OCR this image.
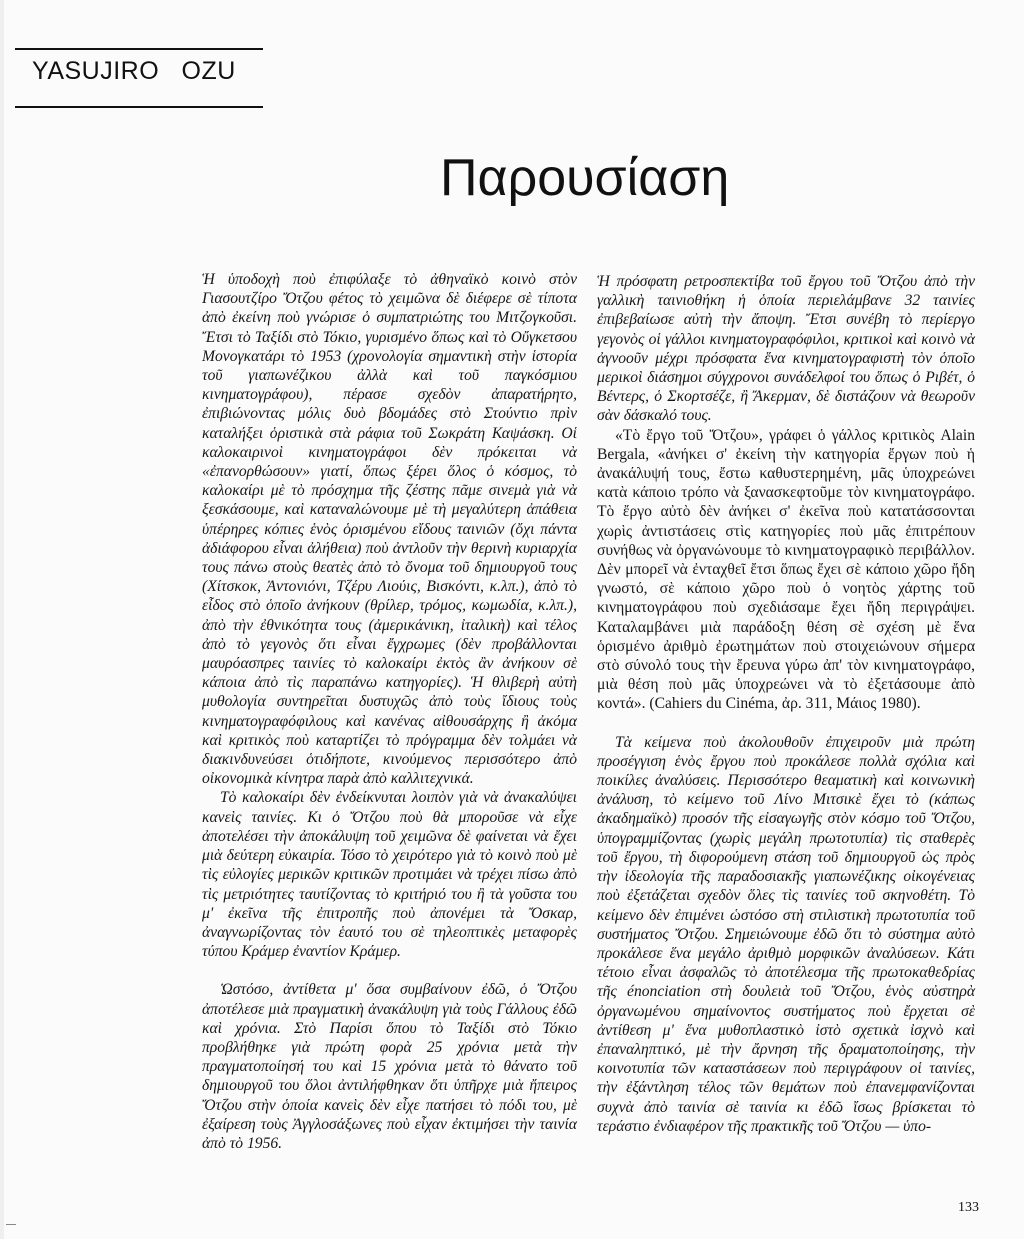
YASUJIRO   OZU
Παρουσίαση

Ἡ ὑποδοχὴ ποὺ ἐπιφύλαξε τὸ ἀθηναϊκὸ κοινὸ στὸν Γιασουτζίρο Ὄτζου φέτος τὸ χειμῶνα δὲ διέφερε σὲ τίποτα ἀπὸ ἐκείνη ποὺ γνώρισε ὁ συμπατριώτης του Μιτζογκοῦσι. Ἔτσι τὸ Ταξίδι στὸ Τόκιο, γυρισμένο ὅπως καὶ τὸ Οὔγκετσου Μονογκατάρι τὸ 1953 (χρονολογία σημαντικὴ στὴν ἱστορία τοῦ γιαπωνέζικου ἀλλὰ καὶ τοῦ παγκόσμιου κινηματογράφου), πέρασε σχεδὸν ἀπαρατήρητο, ἐπιβιώνοντας μόλις δυὸ βδομάδες στὸ Στούντιο πρὶν καταλήξει ὁριστικὰ στὰ ράφια τοῦ Σωκράτη Καψάσκη. Οἱ καλοκαιρινοὶ κινηματογράφοι δὲν πρόκειται νὰ «ἐπανορθώσουν» γιατί, ὅπως ξέρει ὅλος ὁ κόσμος, τὸ καλοκαίρι μὲ τὸ πρόσχημα τῆς ζέστης πᾶμε σινεμὰ γιὰ νὰ ξεσκάσουμε, καὶ καταναλώνουμε μὲ τὴ μεγαλύτερη ἀπάθεια ὑπέρηρες κόπιες ἑνὸς ὁρισμένου εἴδους ταινιῶν (ὄχι πάντα ἀδιάφορου εἶναι ἀλήθεια) ποὺ ἀντλοῦν τὴν θερινὴ κυριαρχία τους πάνω στοὺς θεατὲς ἀπὸ τὸ ὄνομα τοῦ δημιουργοῦ τους (Χίτσκοκ, Ἀντονιόνι, Τζέρυ Λιούις, Βισκόντι, κ.λπ.), ἀπὸ τὸ εἶδος στὸ ὁποῖο ἀνήκουν (θρίλερ, τρόμος, κωμωδία, κ.λπ.), ἀπὸ τὴν ἐθνικότητα τους (ἀμερικάνικη, ἰταλικὴ) καὶ τέλος ἀπὸ τὸ γεγονὸς ὅτι εἶναι ἔγχρωμες (δὲν προβάλλονται μαυρόασπρες ταινίες τὸ καλοκαίρι ἐκτὸς ἂν ἀνήκουν σὲ κάποια ἀπὸ τὶς παραπάνω κατηγορίες). Ἡ θλιβερὴ αὐτὴ μυθολογία συντηρεῖται δυστυχῶς ἀπὸ τοὺς ἴδιους τοὺς κινηματογραφόφιλους καὶ κανένας αἰθουσάρχης ἢ ἀκόμα καὶ κριτικὸς ποὺ καταρτίζει τὸ πρόγραμμα δὲν τολμάει νὰ διακινδυνεύσει ὁτιδήποτε, κινούμενος περισσότερο ἀπὸ οἰκονομικὰ κίνητρα παρὰ ἀπὸ καλλιτεχνικά.

Τὸ καλοκαίρι δὲν ἐνδείκνυται λοιπὸν γιὰ νὰ ἀνακαλύψει κανεὶς ταινίες. Κι ὁ Ὄτζου ποὺ θὰ μποροῦσε νὰ εἶχε ἀποτελέσει τὴν ἀποκάλυψη τοῦ χειμῶνα δὲ φαίνεται νὰ ἔχει μιὰ δεύτερη εὐκαιρία. Τόσο τὸ χειρότερο γιὰ τὸ κοινὸ ποὺ μὲ τὶς εὐλογίες μερικῶν κριτικῶν προτιμάει νὰ τρέχει πίσω ἀπὸ τὶς μετριότητες ταυτίζοντας τὸ κριτήριό του ἢ τὰ γοῦστα του μ' ἐκεῖνα τῆς ἐπιτροπῆς ποὺ ἀπονέμει τὰ Ὄσκαρ, ἀναγνωρίζοντας τὸν ἑαυτό του σὲ τηλεοπτικὲς μεταφορὲς τύπου Κράμερ ἐναντίον Κράμερ.

Ὡστόσο, ἀντίθετα μ' ὅσα συμβαίνουν ἐδῶ, ὁ Ὄτζου ἀποτέλεσε μιὰ πραγματικὴ ἀνακάλυψη γιὰ τοὺς Γάλλους ἐδῶ καὶ χρόνια. Στὸ Παρίσι ὅπου τὸ Ταξίδι στὸ Τόκιο προβλήθηκε γιὰ πρώτη φορὰ 25 χρόνια μετὰ τὴν πραγματοποίησή του καὶ 15 χρόνια μετὰ τὸ θάνατο τοῦ δημιουργοῦ του ὅλοι ἀντιλήφθηκαν ὅτι ὑπῆρχε μιὰ ἤπειρος Ὄτζου στὴν ὁποία κανεὶς δὲν εἶχε πατήσει τὸ πόδι του, μὲ ἐξαίρεση τοὺς Ἀγγλοσάξωνες ποὺ εἶχαν ἐκτιμήσει τὴν ταινία ἀπὸ τὸ 1956.

Ἡ πρόσφατη ρετροσπεκτίβα τοῦ ἔργου τοῦ Ὄτζου ἀπὸ τὴν γαλλικὴ ταινιοθήκη ἡ ὁποία περιελάμβανε 32 ταινίες ἐπιβεβαίωσε αὐτὴ τὴν ἄποψη. Ἔτσι συνέβη τὸ περίεργο γεγονὸς οἱ γάλλοι κινηματογραφόφιλοι, κριτικοὶ καὶ κοινὸ νὰ ἀγνοοῦν μέχρι πρόσφατα ἕνα κινηματογραφιστὴ τὸν ὁποῖο μερικοὶ διάσημοι σύγχρονοι συνάδελφοί του ὅπως ὁ Ριβέτ, ὁ Βέντερς, ὁ Σκορτσέζε, ἢ Ἄκερμαν, δὲ διστάζουν νὰ θεωροῦν σὰν δάσκαλό τους.

«Τὸ ἔργο τοῦ Ὄτζου», γράφει ὁ γάλλος κριτικὸς Alain Bergala, «ἀνήκει σ' ἐκείνη τὴν κατηγορία ἔργων ποὺ ἡ ἀνακάλυψή τους, ἔστω καθυστερημένη, μᾶς ὑποχρεώνει κατὰ κάποιο τρόπο νὰ ξανασκεφτοῦμε τὸν κινηματογράφο. Τὸ ἔργο αὐτὸ δὲν ἀνήκει σ' ἐκεῖνα ποὺ κατατάσσονται χωρὶς ἀντιστάσεις στὶς κατηγορίες ποὺ μᾶς ἐπιτρέπουν συνήθως νὰ ὀργανώνουμε τὸ κινηματογραφικὸ περιβάλλον. Δὲν μπορεῖ νὰ ἐνταχθεῖ ἔτσι ὅπως ἔχει σὲ κάποιο χῶρο ἤδη γνωστό, σὲ κάποιο χῶρο ποὺ ὁ νοητὸς χάρτης τοῦ κινηματογράφου ποὺ σχεδιάσαμε ἔχει ἤδη περιγράψει. Καταλαμβάνει μιὰ παράδοξη θέση σὲ σχέση μὲ ἕνα ὁρισμένο ἀριθμὸ ἐρωτημάτων ποὺ στοιχειώνουν σήμερα στὸ σύνολό τους τὴν ἔρευνα γύρω ἀπ' τὸν κινηματογράφο, μιὰ θέση ποὺ μᾶς ὑποχρεώνει νὰ τὸ ἐξετάσουμε ἀπὸ κοντά». (Cahiers du Cinéma, ἀρ. 311, Μάιος 1980).

Τὰ κείμενα ποὺ ἀκολουθοῦν ἐπιχειροῦν μιὰ πρώτη προσέγγιση ἑνὸς ἔργου ποὺ προκάλεσε πολλὰ σχόλια καὶ ποικίλες ἀναλύσεις. Περισσότερο θεαματικὴ καὶ κοινωνικὴ ἀνάλυση, τὸ κείμενο τοῦ Λίνο Μιτσικὲ ἔχει τὸ (κάπως ἀκαδημαϊκὸ) προσόν τῆς εἰσαγωγῆς στὸν κόσμο τοῦ Ὄτζου, ὑπογραμμίζοντας (χωρὶς μεγάλη πρωτοτυπία) τὶς σταθερὲς τοῦ ἔργου, τὴ διφορούμενη στάση τοῦ δημιουργοῦ ὡς πρὸς τὴν ἰδεολογία τῆς παραδοσιακῆς γιαπωνέζικης οἰκογένειας ποὺ ἐξετάζεται σχεδὸν ὅλες τὶς ταινίες τοῦ σκηνοθέτη. Τὸ κείμενο δὲν ἐπιμένει ὡστόσο στὴ στιλιστικὴ πρωτοτυπία τοῦ συστήματος Ὄτζου. Σημειώνουμε ἐδῶ ὅτι τὸ σύστημα αὐτὸ προκάλεσε ἕνα μεγάλο ἀριθμὸ μορφικῶν ἀναλύσεων. Κάτι τέτοιο εἶναι ἀσφαλῶς τὸ ἀποτέλεσμα τῆς πρωτοκαθεδρίας τῆς énonciation στὴ δουλειὰ τοῦ Ὄτζου, ἑνὸς αὐστηρὰ ὀργανωμένου σημαίνοντος συστήματος ποὺ ἔρχεται σὲ ἀντίθεση μ' ἕνα μυθοπλαστικὸ ἰστὸ σχετικὰ ἰσχνὸ καὶ ἐπαναληπτικό, μὲ τὴν ἄρνηση τῆς δραματοποίησης, τὴν κοινοτυπία τῶν καταστάσεων ποὺ περιγράφουν οἱ ταινίες, τὴν ἐξάντληση τέλος τῶν θεμάτων ποὺ ἐπανεμφανίζονται συχνὰ ἀπὸ ταινία σὲ ταινία κι ἐδῶ ἴσως βρίσκεται τὸ τεράστιο ἐνδιαφέρον τῆς πρακτικῆς τοῦ Ὄτζου — ὑπο-

133
